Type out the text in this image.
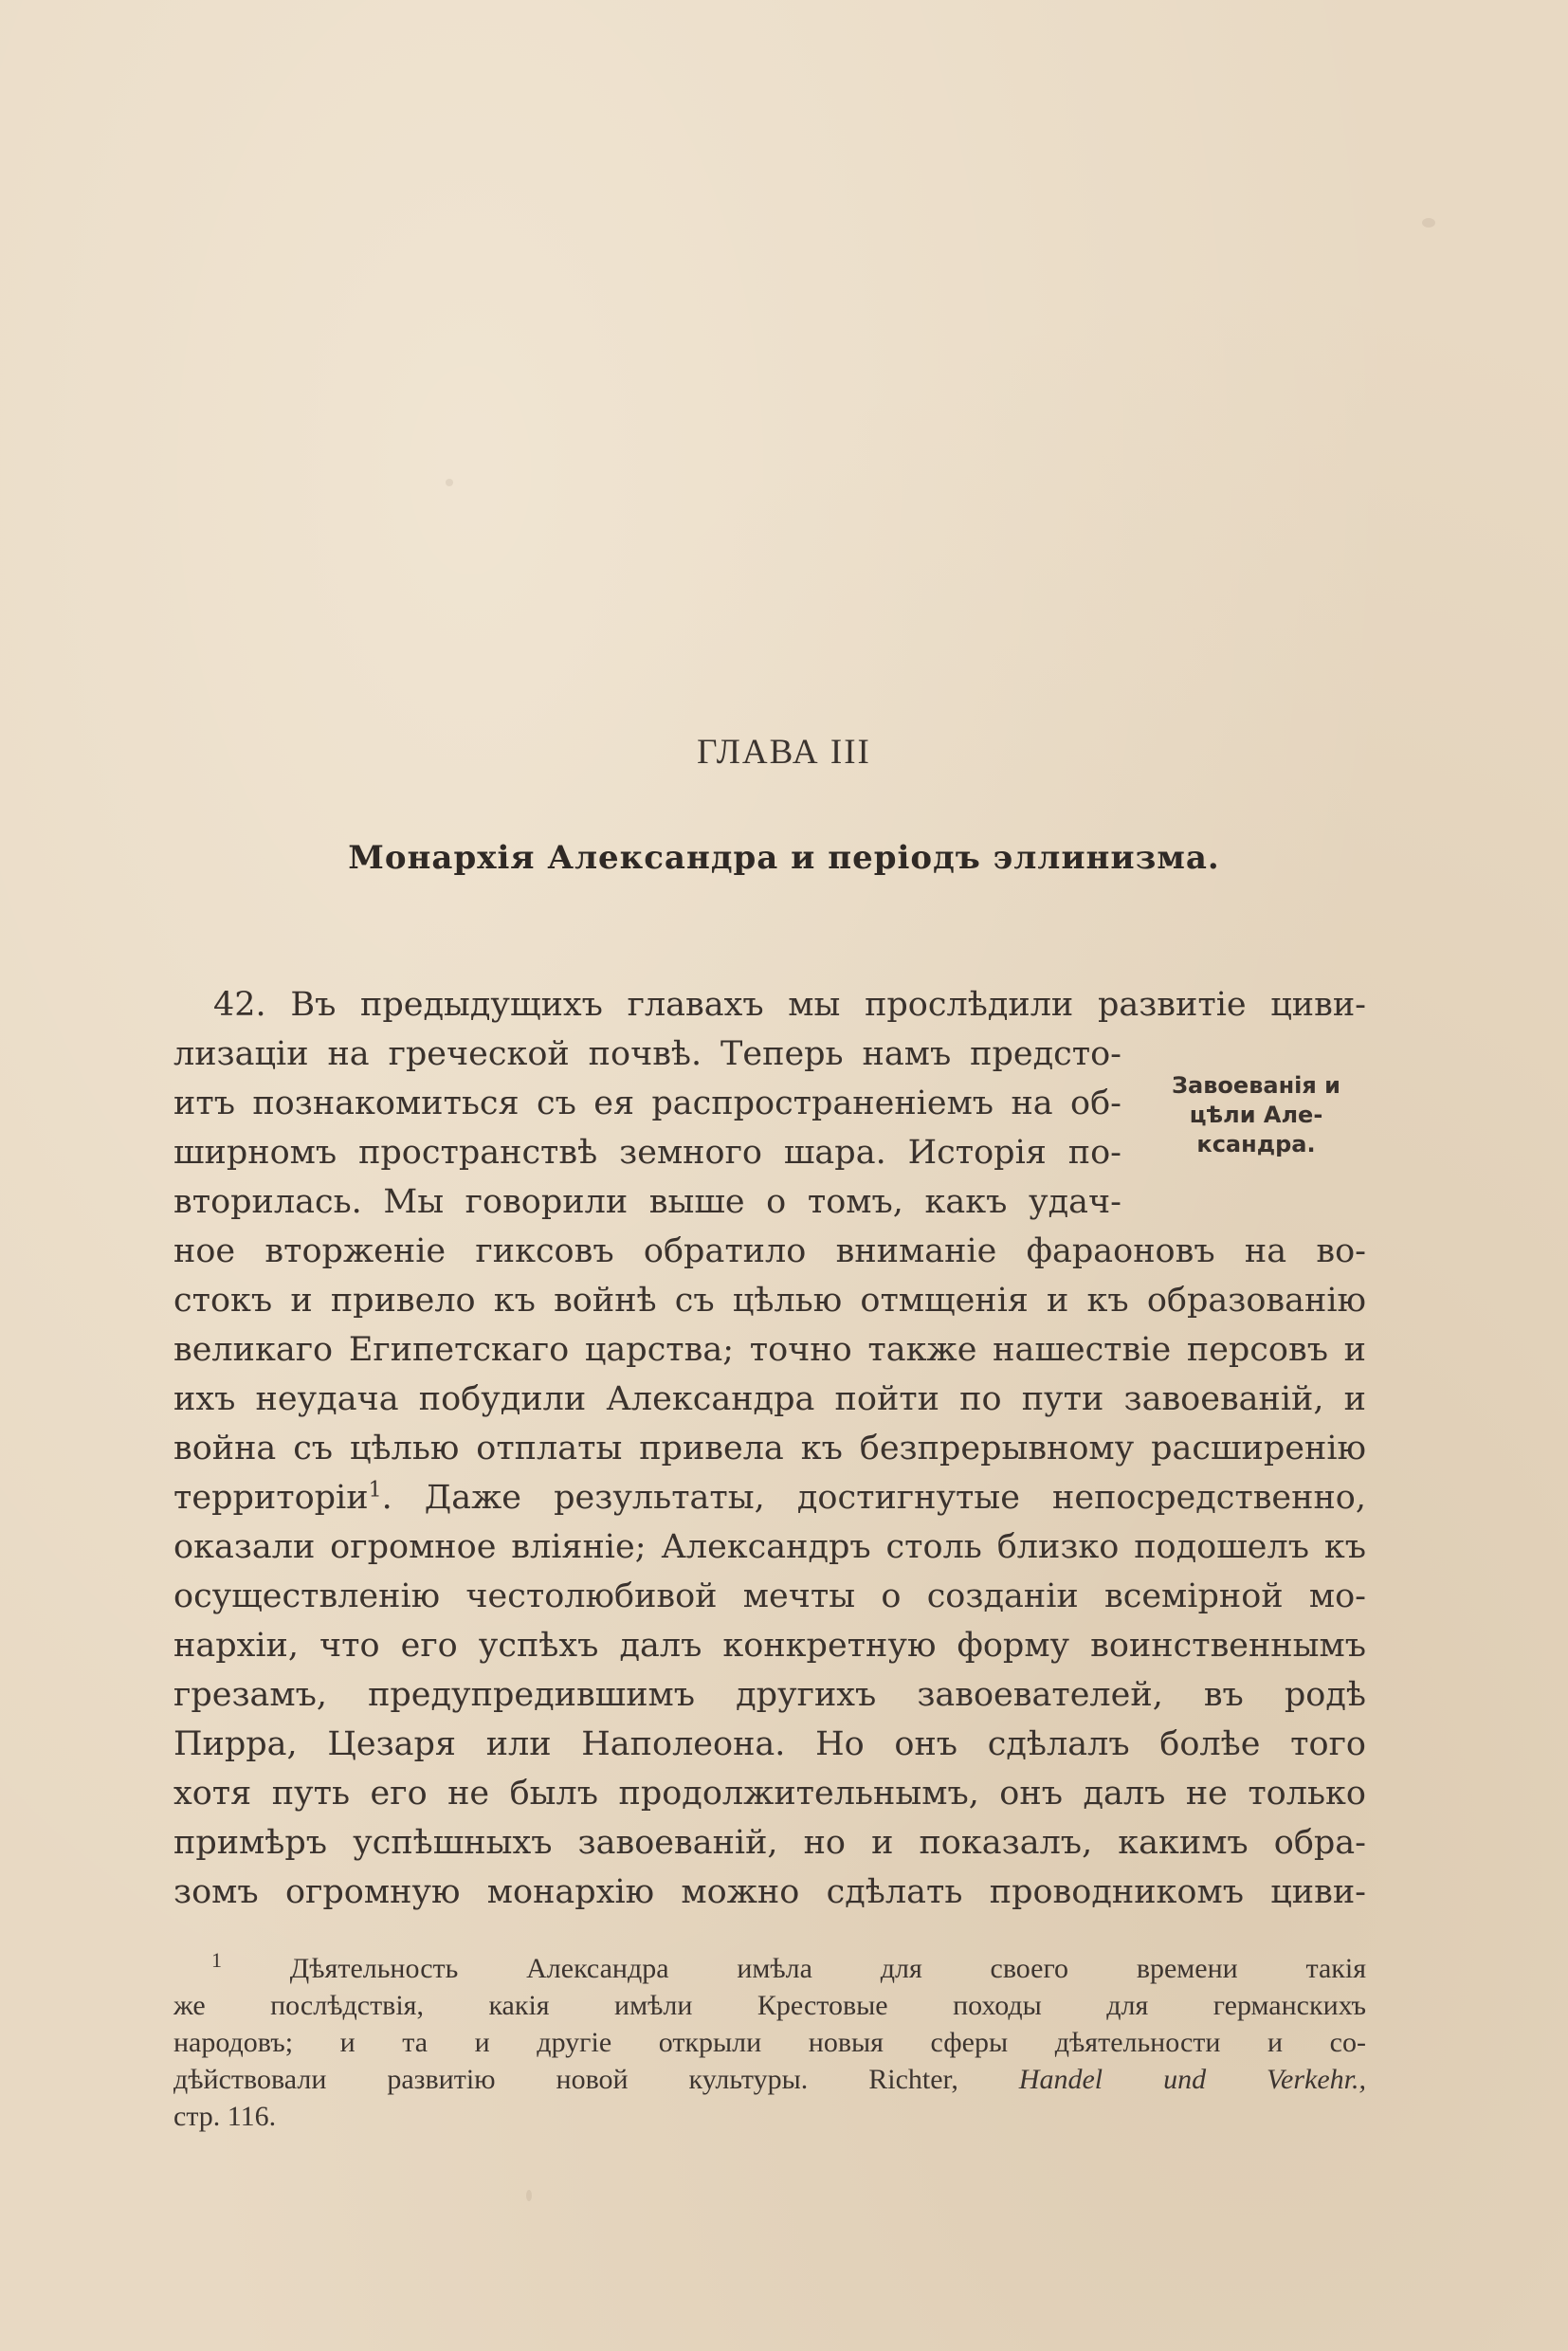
ГЛАВА III
Монархія Александра и періодъ эллинизма.
42. Въ предыдущихъ главахъ мы прослѣдили развитіе циви-
лизаціи на греческой почвѣ. Теперь намъ предсто-
итъ познакомиться съ ея распространеніемъ на об-
ширномъ пространствѣ земного шара. Исторія по-
вторилась. Мы говорили выше о томъ, какъ удач-
ное вторженіе гиксовъ обратило вниманіе фараоновъ на во-
стокъ и привело къ войнѣ съ цѣлью отмщенія и къ образованію
великаго Египетскаго царства; точно также нашествіе персовъ и
ихъ неудача побудили Александра пойти по пути завоеваній, и
война съ цѣлью отплаты привела къ безпрерывному расширенію
территоріи$^1$. Даже результаты, достигнутые непосредственно,
оказали огромное вліяніе; Александръ столь близко подошелъ къ
осуществленію честолюбивой мечты о созданіи всемірной мо-
нархіи, что его успѣхъ далъ конкретную форму воинственнымъ
грезамъ, предупредившимъ другихъ завоевателей, въ родѣ
Пирра, Цезаря или Наполеона. Но онъ сдѣлалъ болѣе того
хотя путь его не былъ продолжительнымъ, онъ далъ не только
примѣръ успѣшныхъ завоеваній, но и показалъ, какимъ обра-
зомъ огромную монархію можно сдѣлать проводникомъ циви-
Завоеванія и
цѣли Але-
ксандра.
$^1$ Дѣятельность Александра имѣла для своего времени такія
же послѣдствія, какія имѣли Крестовые походы для германскихъ
народовъ; и та и другіе открыли новыя сферы дѣятельности и со-
дѣйствовали развитію новой культуры. Richter, Handel und Verkehr.,
стр. 116.
